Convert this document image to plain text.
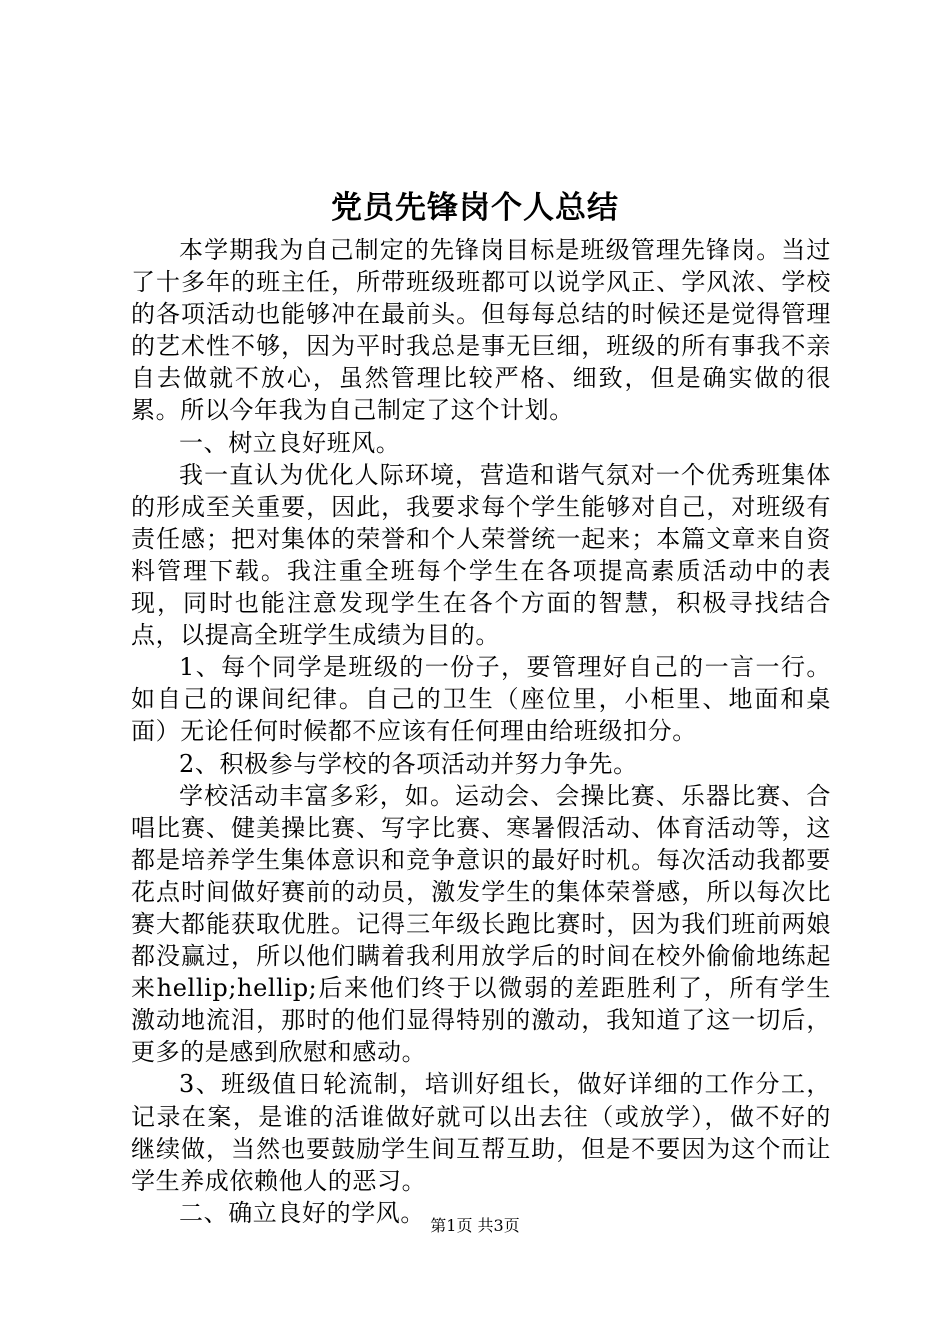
党员先锋岗个人总结

本学期我为自己制定的先锋岗目标是班级管理先锋岗。当过了十多年的班主任，所带班级班都可以说学风正、学风浓、学校的各项活动也能够冲在最前头。但每每总结的时候还是觉得管理的艺术性不够，因为平时我总是事无巨细，班级的所有事我不亲自去做就不放心，虽然管理比较严格、细致，但是确实做的很累。所以今年我为自己制定了这个计划。

一、树立良好班风。

我一直认为优化人际环境，营造和谐气氛对一个优秀班集体的形成至关重要，因此，我要求每个学生能够对自己，对班级有责任感；把对集体的荣誉和个人荣誉统一起来；本篇文章来自资料管理下载。我注重全班每个学生在各项提高素质活动中的表现，同时也能注意发现学生在各个方面的智慧，积极寻找结合点，以提高全班学生成绩为目的。

1、每个同学是班级的一份子，要管理好自己的一言一行。如自己的课间纪律。自己的卫生（座位里，小柜里、地面和桌面）无论任何时候都不应该有任何理由给班级扣分。

2、积极参与学校的各项活动并努力争先。

学校活动丰富多彩，如。运动会、会操比赛、乐器比赛、合唱比赛、健美操比赛、写字比赛、寒暑假活动、体育活动等，这都是培养学生集体意识和竞争意识的最好时机。每次活动我都要花点时间做好赛前的动员，激发学生的集体荣誉感，所以每次比赛大都能获取优胜。记得三年级长跑比赛时，因为我们班前两娘都没赢过，所以他们瞒着我利用放学后的时间在校外偷偷地练起来hellip;hellip;后来他们终于以微弱的差距胜利了，所有学生激动地流泪，那时的他们显得特别的激动，我知道了这一切后，更多的是感到欣慰和感动。

3、班级值日轮流制，培训好组长，做好详细的工作分工，记录在案，是谁的活谁做好就可以出去往（或放学），做不好的继续做，当然也要鼓励学生间互帮互助，但是不要因为这个而让学生养成依赖他人的恶习。

二、确立良好的学风。 第1页 共3页
